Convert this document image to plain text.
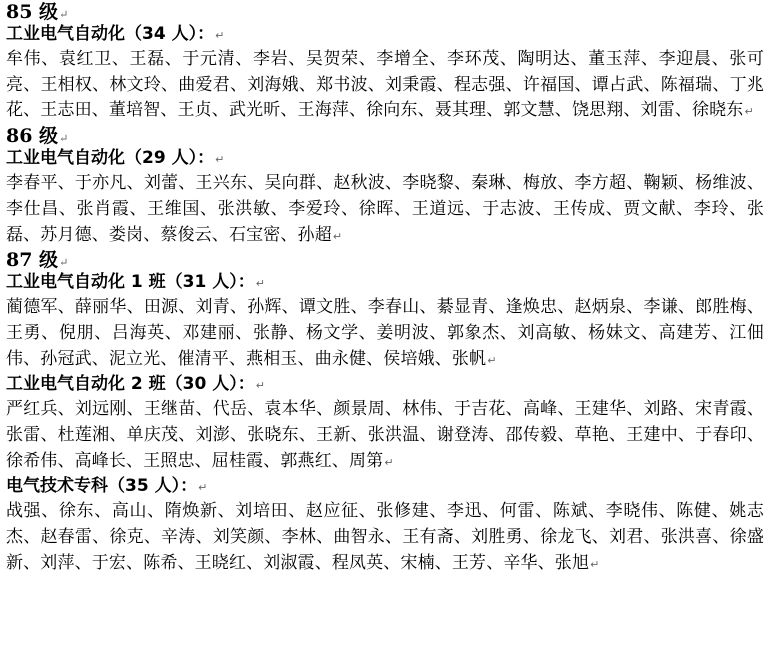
85 级↵
工业电气自动化（34 人）：↵

牟伟、袁红卫、王磊、于元清、李岩、吴贺荣、李增全、李环茂、陶明达、董玉萍、李迎晨、张可亮、王相权、林文玲、曲爱君、刘海娥、郑书波、刘秉霞、程志强、许福国、谭占武、陈福瑞、丁兆花、王志田、董培智、王贞、武光昕、王海萍、徐向东、聂其理、郭文慧、饶思翔、刘雷、徐晓东↵

86 级↵
工业电气自动化（29 人）：↵

李春平、于亦凡、刘蕾、王兴东、吴向群、赵秋波、李晓黎、秦琳、梅放、李方超、鞠颖、杨维波、李仕昌、张肖霞、王维国、张洪敏、李爱玲、徐晖、王道远、于志波、王传成、贾文献、李玲、张磊、苏月德、娄岗、蔡俊云、石宝密、孙超↵

87 级↵
工业电气自动化 1 班（31 人）：↵

蔺德军、薛丽华、田源、刘青、孙辉、谭文胜、李春山、綦显青、逢焕忠、赵炳泉、李谦、郎胜梅、王勇、倪朋、吕海英、邓建丽、张静、杨文学、姜明波、郭象杰、刘高敏、杨妹文、高建芳、江佃伟、孙冠武、泥立光、催清平、燕相玉、曲永健、侯培娥、张帆↵

工业电气自动化 2 班（30 人）：↵

严红兵、刘远刚、王继苗、代岳、袁本华、颜景周、林伟、于吉花、高峰、王建华、刘路、宋青霞、张雷、杜莲湘、单庆茂、刘澎、张晓东、王新、张洪温、谢登涛、邵传毅、草艳、王建中、于春印、徐希伟、高峰长、王照忠、屈桂霞、郭燕红、周第↵

电气技术专科（35 人）：↵

战强、徐东、高山、隋焕新、刘培田、赵应征、张修建、李迅、何雷、陈斌、李晓伟、陈健、姚志杰、赵春雷、徐克、辛涛、刘笑颜、李林、曲智永、王有斋、刘胜勇、徐龙飞、刘君、张洪喜、徐盛新、刘萍、于宏、陈希、王晓红、刘淑霞、程凤英、宋楠、王芳、辛华、张旭↵
